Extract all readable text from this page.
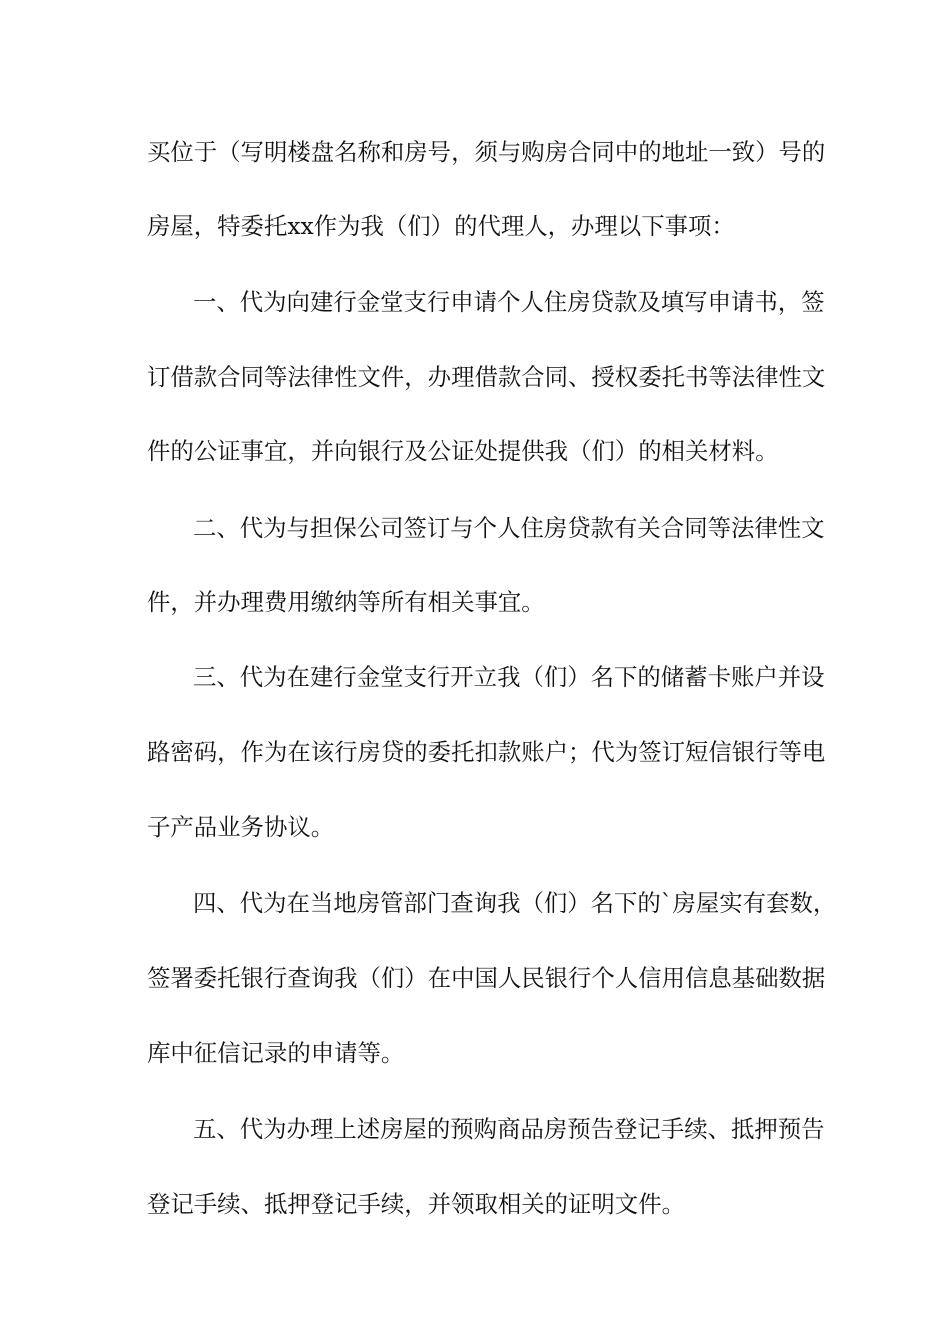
买位于（写明楼盘名称和房号，须与购房合同中的地址一致）号的
房屋，特委托xx作为我（们）的代理人，办理以下事项：
一、代为向建行金堂支行申请个人住房贷款及填写申请书，签
订借款合同等法律性文件，办理借款合同、授权委托书等法律性文
件的公证事宜，并向银行及公证处提供我（们）的相关材料。
二、代为与担保公司签订与个人住房贷款有关合同等法律性文
件，并办理费用缴纳等所有相关事宜。
三、代为在建行金堂支行开立我（们）名下的储蓄卡账户并设
路密码，作为在该行房贷的委托扣款账户；代为签订短信银行等电
子产品业务协议。
四、代为在当地房管部门查询我（们）名下的`房屋实有套数，
签署委托银行查询我（们）在中国人民银行个人信用信息基础数据
库中征信记录的申请等。
五、代为办理上述房屋的预购商品房预告登记手续、抵押预告
登记手续、抵押登记手续，并领取相关的证明文件。
